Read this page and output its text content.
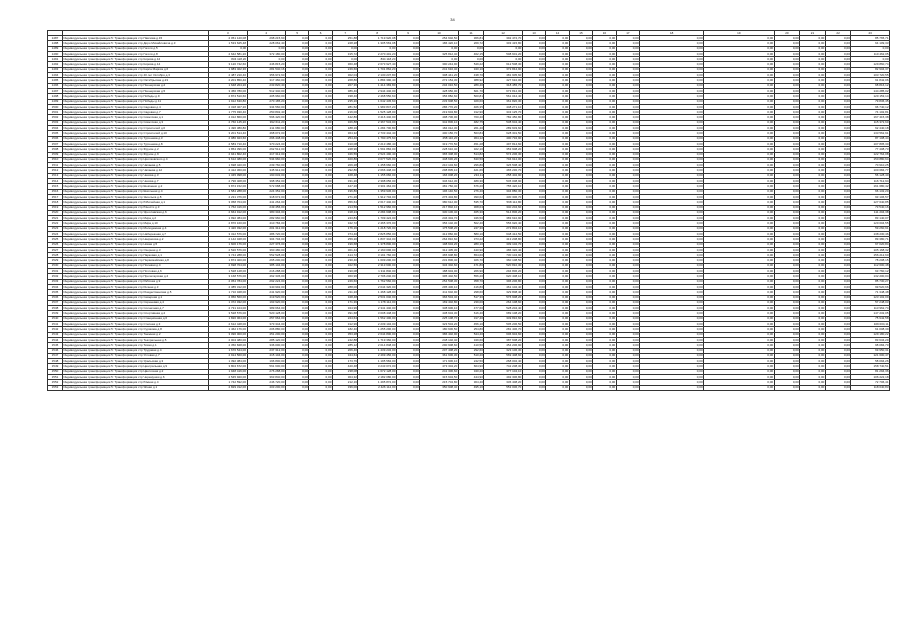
34
		3	4	5	6	7	8	9	10	11	12	13	14	15	16	17	18	19	20	21	22	23
1487	Индивидуальная трансформация 5: Трансформация стр Павлова д.15	2 051 120,08	298 215,60	0,00	0,00	251,88	1 719 920,08	0,00	254 602,50	366,81	392 472,70	0,00	0,00	0,00	0,00	0,00	0,00	0,00	0,00	0,00	0,00	85 765,71
1488	Индивидуальная трансформация 5: Трансформация стр Доро Михайловича д.3	1 533 625,48	228 062,40	0,00	0,00	228,28	1 305 563,08	0,00	186 420,10	269,72	303 415,80	0,00	0,00	0,00	0,00	0,00	0,00	0,00	0,00	0,00	0,00	64 109,33
1489	Индивидуальная трансформация 5: Трансформация стр Гоголя д.5	0,00	0,00	0,00	0,00	0,00	0,00	0,00	0,00	0,00	0,00	0,00	0,00	0,00	0,00	0,00	0,00	0,00	0,00	0,00	0,00	0,00
1490	Индивидуальная трансформация 5: Трансформация стр Гоголя д.8	2 642 581,20	372 180,00	0,00	0,00	315,72	2 270 401,20	0,00	325 812,40	462,15	508 601,20	0,00	0,00	0,00	0,00	0,00	0,00	0,00	0,00	0,00	0,00	110 462,05
1491	Индивидуальная трансформация 5: Трансформация стр Кирова д.12	834 118,20	0,00	0,00	0,00	0,00	834 118,20	0,00	0,00	0,00	0,00	0,00	0,00	0,00	0,00	0,00	0,00	0,00	0,00	0,00	0,00	0,00
1492	Индивидуальная трансформация 5: Трансформация стр Кирова д.14	3 120 742,60	446 815,20	0,00	0,00	360,48	2 673 927,40	0,00	390 244,90	549,22	612 508,30	0,00	0,00	0,00	0,00	0,00	0,00	0,00	0,00	0,00	0,00	129 860,74
1493	Индивидуальная трансформация 5: Трансформация стр Карла Маркса д.6	1 983 402,36	281 540,16	0,00	0,00	249,60	1 701 862,20	0,00	241 610,40	340,10	372 844,90	0,00	0,00	0,00	0,00	0,00	0,00	0,00	0,00	0,00	0,00	82 904,37
1494	Индивидуальная трансформация 5: Трансформация стр 40 лет Октября д.3	2 487 210,40	356 972,60	0,00	0,00	302,04	2 130 237,80	0,00	308 441,20	438,70	481 905,60	0,00	0,00	0,00	0,00	0,00	0,00	0,00	0,00	0,00	0,00	103 720,55
1495	Индивидуальная трансформация 5: Трансформация стр Октябрьская д.23	2 201 850,40	317 460,00	0,00	0,00	268,80	1 884 390,40	0,00	272 154,30	388,92	427 610,00	0,00	0,00	0,00	0,00	0,00	0,00	0,00	0,00	0,00	0,00	91 842,06
1496	Индивидуальная трансформация 5: Трансформация стр Пионерская д.2	1 648 204,20	233 820,40	0,00	0,00	207,36	1 414 383,80	0,00	204 016,50	289,40	318 455,70	0,00	0,00	0,00	0,00	0,00	0,00	0,00	0,00	0,00	0,00	68 816,12
1497	Индивидуальная трансформация 5: Трансформация стр Пионерская д.5	3 456 780,00	512 340,00	0,00	0,00	386,40	2 944 440,00	0,00	428 950,00	601,70	673 812,00	0,00	0,00	0,00	0,00	0,00	0,00	0,00	0,00	0,00	0,00	144 285,02
1498	Индивидуальная трансформация 5: Трансформация стр Победы д.9	2 874 510,60	405 960,00	0,00	0,00	338,40	2 468 550,60	0,00	356 882,60	500,81	561 044,40	0,00	0,00	0,00	0,00	0,00	0,00	0,00	0,00	0,00	0,00	120 153,14
1499	Индивидуальная трансформация 5: Трансформация стр Победы д.11	1 912 630,80	270 185,20	0,00	0,00	235,20	1 642 445,60	0,00	233 908,50	329,60	361 820,30	0,00	0,00	0,00	0,00	0,00	0,00	0,00	0,00	0,00	0,00	79 836,45
1500	Индивидуальная трансформация 5: Трансформация стр Садовая д.4	2 318 407,20	334 560,00	0,00	0,00	281,52	1 983 847,20	0,00	286 770,20	406,35	448 271,10	0,00	0,00	0,00	0,00	0,00	0,00	0,00	0,00	0,00	0,00	96 740,12
1501	Индивидуальная трансформация 5: Трансформация стр Садовая д.7	1 775 930,40	250 802,40	0,00	0,00	216,00	1 525 128,00	0,00	219 604,80	312,90	343 125,70	0,00	0,00	0,00	0,00	0,00	0,00	0,00	0,00	0,00	0,00	74 102,81
1502	Индивидуальная трансформация 5: Трансформация стр Советская д.1	4 012 860,00	596 420,00	0,00	0,00	442,80	3 416 440,00	0,00	498 706,00	700,40	782 450,80	0,00	0,00	0,00	0,00	0,00	0,00	0,00	0,00	0,00	0,00	167 415,38
1503	Индивидуальная трансформация 5: Трансформация стр Советская д.3	2 760 145,20	392 611,20	0,00	0,00	326,88	2 367 534,00	0,00	342 806,10	482,75	538 604,40	0,00	0,00	0,00	0,00	0,00	0,00	0,00	0,00	0,00	0,00	115 372,60
1504	Индивидуальная трансформация 5: Трансформация стр Строителей д.6	1 496 380,80	211 680,00	0,00	0,00	188,16	1 284 700,80	0,00	184 012,30	261,40	289 603,60	0,00	0,00	0,00	0,00	0,00	0,00	0,00	0,00	0,00	0,00	62 440,18
1505	Индивидуальная трансформация 5: Трансформация стр Строителей д.10	3 201 514,40	468 072,00	0,00	0,00	364,32	2 733 442,40	0,00	400 156,70	563,84	628 301,50	0,00	0,00	0,00	0,00	0,00	0,00	0,00	0,00	0,00	0,00	133 562,91
1506	Индивидуальная трансформация 5: Трансформация стр Тургенева д.3	2 086 923,60	296 448,00	0,00	0,00	254,40	1 790 475,60	0,00	258 116,20	364,12	400 732,90	0,00	0,00	0,00	0,00	0,00	0,00	0,00	0,00	0,00	0,00	87 108,44
1507	Индивидуальная трансформация 5: Трансформация стр Тургенева д.8	2 583 710,40	370 224,00	0,00	0,00	310,08	2 213 486,40	0,00	319 770,50	451,28	497 814,60	0,00	0,00	0,00	0,00	0,00	0,00	0,00	0,00	0,00	0,00	107 805,30
1508	Индивидуальная трансформация 5: Трансформация стр Фрунзе д.2	1 854 396,00	262 512,00	0,00	0,00	228,96	1 591 884,00	0,00	228 610,40	322,10	353 908,20	0,00	0,00	0,00	0,00	0,00	0,00	0,00	0,00	0,00	0,00	77 408,73
1509	Индивидуальная трансформация 5: Трансформация стр Фрунзе д.9	2 941 802,40	417 312,00	0,00	0,00	346,56	2 524 490,40	0,00	365 308,00	514,82	574 206,30	0,00	0,00	0,00	0,00	0,00	0,00	0,00	0,00	0,00	0,00	122 764,08
1510	Индивидуальная трансформация 5: Трансформация стр Циолковского д.4	3 612 480,00	534 960,00	0,00	0,00	400,80	3 077 520,00	0,00	448 630,20	630,50	704 912,00	0,00	0,00	0,00	0,00	0,00	0,00	0,00	0,00	0,00	0,00	150 880,64
1511	Индивидуальная трансформация 5: Трансформация стр Чапаева д.5	1 698 420,00	239 760,00	0,00	0,00	209,28	1 458 660,00	0,00	210 104,60	296,80	326 508,40	0,00	0,00	0,00	0,00	0,00	0,00	0,00	0,00	0,00	0,00	70 910,25
1512	Индивидуальная трансформация 5: Трансформация стр Чапаева д.12	2 412 360,00	345 912,00	0,00	0,00	292,80	2 066 448,00	0,00	298 805,10	421,66	465 230,70	0,00	0,00	0,00	0,00	0,00	0,00	0,00	0,00	0,00	0,00	100 684,77
1513	Индивидуальная трансформация 5: Трансформация стр Чехова д.3	1 345 098,00	190 032,00	0,00	0,00	168,48	1 155 066,00	0,00	166 008,20	234,11	258 402,90	0,00	0,00	0,00	0,00	0,00	0,00	0,00	0,00	0,00	0,00	56 128,40
1514	Индивидуальная трансформация 5: Трансформация стр Чехова д.7	2 796 408,00	398 352,00	0,00	0,00	331,20	2 398 056,00	0,00	346 612,30	489,30	545 008,90	0,00	0,00	0,00	0,00	0,00	0,00	0,00	0,00	0,00	0,00	116 712,94
1515	Индивидуальная трансформация 5: Трансформация стр Шевченко д.2	3 874 152,00	572 688,00	0,00	0,00	427,20	3 301 464,00	0,00	481 760,40	676,20	755 420,10	0,00	0,00	0,00	0,00	0,00	0,00	0,00	0,00	0,00	0,00	161 680,42
1516	Индивидуальная трансформация 5: Трансформация стр Школьная д.4	1 584 288,00	224 352,00	0,00	0,00	196,80	1 359 936,00	0,00	196 140,50	276,40	304 880,30	0,00	0,00	0,00	0,00	0,00	0,00	0,00	0,00	0,00	0,00	66 132,20
1517	Индивидуальная трансформация 5: Трансформация стр Энгельса д.8	2 231 376,00	318 672,00	0,00	0,00	271,20	1 912 704,00	0,00	276 404,80	390,62	430 306,70	0,00	0,00	0,00	0,00	0,00	0,00	0,00	0,00	0,00	0,00	93 106,57
1518	Индивидуальная трансформация 5: Трансформация стр Юбилейная д.1	3 058 704,00	441 264,00	0,00	0,00	356,64	2 617 440,00	0,00	380 612,00	535,70	598 112,80	0,00	0,00	0,00	0,00	0,00	0,00	0,00	0,00	0,00	0,00	127 640,85
1519	Индивидуальная трансформация 5: Трансформация стр Юности д.3	1 762 416,00	249 456,00	0,00	0,00	214,56	1 512 960,00	0,00	217 802,10	308,04	340 204,60	0,00	0,00	0,00	0,00	0,00	0,00	0,00	0,00	0,00	0,00	73 540,16
1520	Индивидуальная трансформация 5: Трансформация стр Ярославская д.6	2 664 912,00	380 304,00	0,00	0,00	318,24	2 284 608,00	0,00	330 106,40	465,30	514 806,20	0,00	0,00	0,00	0,00	0,00	0,00	0,00	0,00	0,00	0,00	111 204,38
1521	Индивидуальная трансформация 5: Трансформация стр Мира д.2	1 992 384,00	282 960,00	0,00	0,00	243,84	1 709 424,00	0,00	246 304,70	346,50	383 610,90	0,00	0,00	0,00	0,00	0,00	0,00	0,00	0,00	0,00	0,00	83 140,07
1522	Индивидуальная трансформация 5: Трансформация стр Мира д.10	2 876 160,00	410 784,00	0,00	0,00	342,72	2 465 376,00	0,00	356 102,30	502,40	556 920,40	0,00	0,00	0,00	0,00	0,00	0,00	0,00	0,00	0,00	0,00	120 004,55
1523	Индивидуальная трансформация 5: Трансформация стр Молодежная д.4	1 420 032,00	201 312,00	0,00	0,00	176,16	1 218 720,00	0,00	175 508,20	247,30	272 804,10	0,00	0,00	0,00	0,00	0,00	0,00	0,00	0,00	0,00	0,00	59 260,91
1524	Индивидуальная трансформация 5: Трансформация стр Набережная д.7	3 312 576,00	486 720,00	0,00	0,00	374,40	2 825 856,00	0,00	412 860,90	580,10	648 412,50	0,00	0,00	0,00	0,00	0,00	0,00	0,00	0,00	0,00	0,00	138 230,46
1525	Индивидуальная трансформация 5: Трансформация стр Некрасова д.2	2 142 048,00	304 704,00	0,00	0,00	259,20	1 837 344,00	0,00	264 810,60	373,22	413 208,80	0,00	0,00	0,00	0,00	0,00	0,00	0,00	0,00	0,00	0,00	89 380,71
1526	Индивидуальная трансформация 5: Трансформация стр Новая д.5	1 606 176,00	227 376,00	0,00	0,00	199,68	1 378 800,00	0,00	198 604,20	280,10	309 102,70	0,00	0,00	0,00	0,00	0,00	0,00	0,00	0,00	0,00	0,00	67 020,84
1527	Индивидуальная трансформация 5: Трансформация стр Озерная д.3	2 520 576,00	360 480,00	0,00	0,00	301,44	2 160 096,00	0,00	312 405,30	440,90	486 320,40	0,00	0,00	0,00	0,00	0,00	0,00	0,00	0,00	0,00	0,00	105 168,32
1528	Индивидуальная трансформация 5: Трансформация стр Парковая д.1	3 744 288,00	552 528,00	0,00	0,00	414,72	3 191 760,00	0,00	465 908,80	654,60	730 104,90	0,00	0,00	0,00	0,00	0,00	0,00	0,00	0,00	0,00	0,00	156 212,60
1529	Индивидуальная трансформация 5: Трансформация стр Первомайская д.8	1 874 400,00	265 200,00	0,00	0,00	230,40	1 609 200,00	0,00	231 806,40	326,70	360 108,50	0,00	0,00	0,00	0,00	0,00	0,00	0,00	0,00	0,00	0,00	78 208,15
1530	Индивидуальная трансформация 5: Трансформация стр Полевая д.4	2 698 704,00	385 104,00	0,00	0,00	322,56	2 313 600,00	0,00	334 302,60	471,80	520 810,30	0,00	0,00	0,00	0,00	0,00	0,00	0,00	0,00	0,00	0,00	112 600,48
1531	Индивидуальная трансформация 5: Трансформация стр Почтовая д.6	1 528 128,00	216 288,00	0,00	0,00	190,08	1 311 840,00	0,00	188 904,00	266,90	294 806,20	0,00	0,00	0,00	0,00	0,00	0,00	0,00	0,00	0,00	0,00	63 760,12
1532	Индивидуальная трансформация 5: Трансформация стр Пролетарская д.2	3 168 576,00	462 336,00	0,00	0,00	360,96	2 706 240,00	0,00	395 402,50	556,20	620 408,10	0,00	0,00	0,00	0,00	0,00	0,00	0,00	0,00	0,00	0,00	132 200,04
1533	Индивидуальная трансформация 5: Трансформация стр Рабочая д.9	2 054 784,00	292 224,00	0,00	0,00	249,60	1 762 560,00	0,00	254 508,30	358,70	396 206,80	0,00	0,00	0,00	0,00	0,00	0,00	0,00	0,00	0,00	0,00	85 730,27
1534	Индивидуальная трансформация 5: Трансформация стр Речная д.3	2 385 312,00	340 992,00	0,00	0,00	288,00	2 044 320,00	0,00	295 406,10	416,80	461 102,40	0,00	0,00	0,00	0,00	0,00	0,00	0,00	0,00	0,00	0,00	99 520,66
1535	Индивидуальная трансформация 5: Трансформация стр Рождественская д.5	1 710 048,00	241 920,00	0,00	0,00	211,20	1 468 128,00	0,00	211 602,90	298,60	329 808,40	0,00	0,00	0,00	0,00	0,00	0,00	0,00	0,00	0,00	0,00	71 348,48
1536	Индивидуальная трансформация 5: Трансформация стр Северная д.1	2 950 560,00	419 520,00	0,00	0,00	348,48	2 531 040,00	0,00	366 504,40	517,30	576 908,20	0,00	0,00	0,00	0,00	0,00	0,00	0,00	0,00	0,00	0,00	123 102,09
1537	Индивидуальная трансформация 5: Трансформация стр Сиреневая д.4	1 372 032,00	193 920,00	0,00	0,00	171,36	1 178 112,00	0,00	169 402,80	239,00	264 108,60	0,00	0,00	0,00	0,00	0,00	0,00	0,00	0,00	0,00	0,00	57 248,03
1538	Индивидуальная трансформация 5: Трансформация стр Солнечная д.7	2 731 104,00	389 664,00	0,00	0,00	324,96	2 341 440,00	0,00	338 906,10	477,60	528 204,40	0,00	0,00	0,00	0,00	0,00	0,00	0,00	0,00	0,00	0,00	113 962,74
1539	Индивидуальная трансформация 5: Трансформация стр Спортивная д.2	3 528 576,00	520 128,00	0,00	0,00	391,68	3 008 448,00	0,00	438 604,30	616,40	689 108,20	0,00	0,00	0,00	0,00	0,00	0,00	0,00	0,00	0,00	0,00	147 232,05
1540	Индивидуальная трансформация 5: Трансформация стр Станционная д.6	1 820 064,00	257 664,00	0,00	0,00	224,64	1 562 400,00	0,00	225 108,70	317,40	349 810,60	0,00	0,00	0,00	0,00	0,00	0,00	0,00	0,00	0,00	0,00	75 942,58
1541	Индивидуальная трансформация 5: Трансформация стр Степная д.3	2 612 448,00	373 344,00	0,00	0,00	312,96	2 239 104,00	0,00	323 504,20	456,10	505 206,50	0,00	0,00	0,00	0,00	0,00	0,00	0,00	0,00	0,00	0,00	109 004,11
1542	Индивидуальная трансформация 5: Трансформация стр Сурикова д.8	1 462 176,00	206 880,00	0,00	0,00	182,40	1 255 296,00	0,00	180 606,50	254,80	281 406,70	0,00	0,00	0,00	0,00	0,00	0,00	0,00	0,00	0,00	0,00	61 008,39
1543	Индивидуальная трансформация 5: Трансформация стр Таежная д.2	3 096 000,00	451 200,00	0,00	0,00	353,28	2 644 800,00	0,00	386 402,90	544,40	606 904,60	0,00	0,00	0,00	0,00	0,00	0,00	0,00	0,00	0,00	0,00	129 180,22
1544	Индивидуальная трансформация 5: Трансформация стр Театральная д.5	2 004 480,00	285 120,00	0,00	0,00	242,88	1 719 360,00	0,00	248 102,40	349,60	387 608,20	0,00	0,00	0,00	0,00	0,00	0,00	0,00	0,00	0,00	0,00	83 634,29
1545	Индивидуальная трансформация 5: Трансформация стр Тихая д.1	2 350 848,00	336 000,00	0,00	0,00	285,12	2 014 848,00	0,00	290 908,60	410,50	454 206,90	0,00	0,00	0,00	0,00	0,00	0,00	0,00	0,00	0,00	0,00	98 084,70
1546	Индивидуальная трансформация 5: Трансформация стр Трудовая д.4	1 676 544,00	237 312,00	0,00	0,00	206,40	1 439 232,00	0,00	207 408,20	292,60	323 106,30	0,00	0,00	0,00	0,00	0,00	0,00	0,00	0,00	0,00	0,00	69 950,31
1547	Индивидуальная трансформация 5: Трансформация стр Угловая д.7	2 914 560,00	415 104,00	0,00	0,00	344,64	2 499 456,00	0,00	361 606,30	510,20	569 408,60	0,00	0,00	0,00	0,00	0,00	0,00	0,00	0,00	0,00	0,00	121 600,47
1548	Индивидуальная трансформация 5: Трансформация стр Уральская д.3	1 392 384,00	196 800,00	0,00	0,00	173,76	1 195 584,00	0,00	171 906,10	242,50	268 002,40	0,00	0,00	0,00	0,00	0,00	0,00	0,00	0,00	0,00	0,00	58 094,26
1549	Индивидуальная трансформация 5: Трансформация стр Центральная д.9	3 804 672,00	561 600,00	0,00	0,00	420,48	3 243 072,00	0,00	473 304,20	664,90	742 208,30	0,00	0,00	0,00	0,00	0,00	0,00	0,00	0,00	0,00	0,00	158 740,51
1550	Индивидуальная трансформация 5: Трансформация стр Цветочная д.2	1 948 416,00	276 288,00	0,00	0,00	238,08	1 672 128,00	0,00	241 306,60	340,20	377 104,10	0,00	0,00	0,00	0,00	0,00	0,00	0,00	0,00	0,00	0,00	81 294,36
1551	Индивидуальная трансформация 5: Трансформация стр Черемушки д.6	2 545 920,00	363 840,00	0,00	0,00	304,32	2 182 080,00	0,00	315 604,50	444,90	492 306,80	0,00	0,00	0,00	0,00	0,00	0,00	0,00	0,00	0,00	0,00	106 222,18
1552	Индивидуальная трансформация 5: Трансформация стр Южная д.4	1 742 592,00	246 720,00	0,00	0,00	212,16	1 495 872,00	0,00	215 704,80	304,40	336 408,20	0,00	0,00	0,00	0,00	0,00	0,00	0,00	0,00	0,00	0,00	72 706,41
1553	Индивидуальная трансформация 5: Трансформация стр Ясная д.1	2 829 312,00	403 200,00	0,00	0,00	336,00	2 426 112,00	0,00	350 908,40	495,10	553 006,70	0,00	0,00	0,00	0,00	0,00	0,00	0,00	0,00	0,00	0,00	118 040,83
